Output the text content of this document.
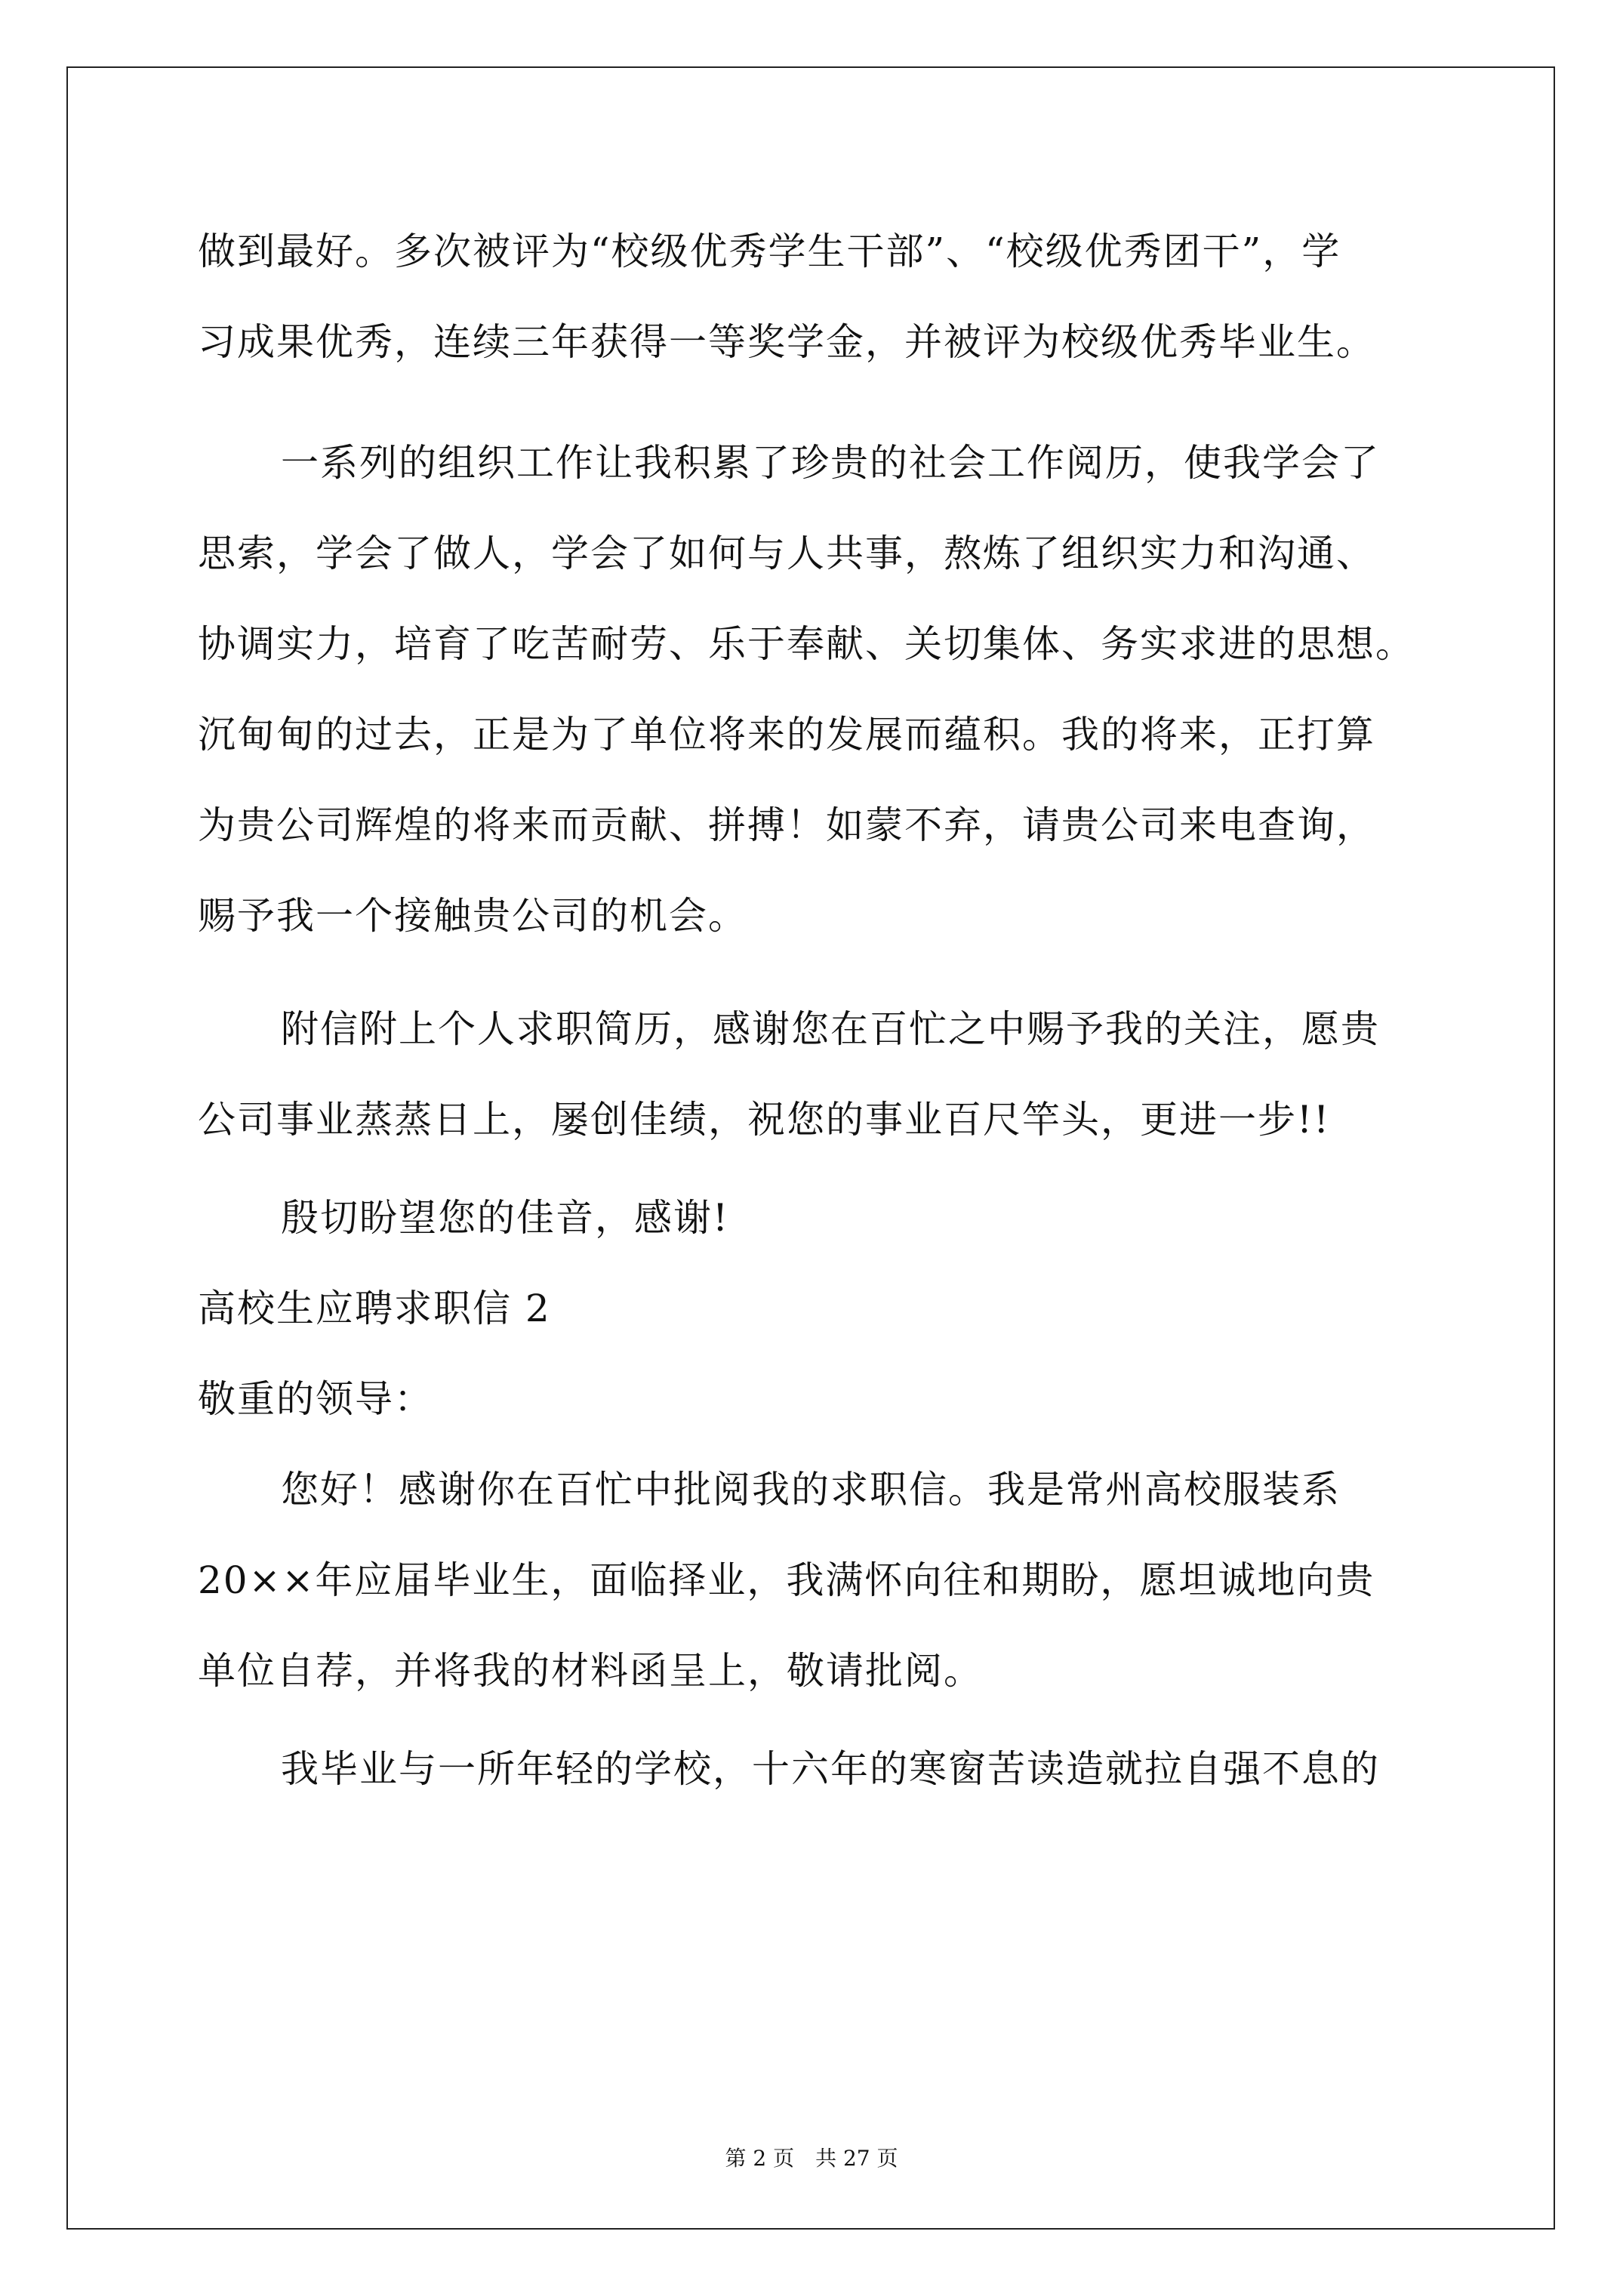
做到最好。多次被评为“校级优秀学生干部”、“校级优秀团干”，学
习成果优秀，连续三年获得一等奖学金，并被评为校级优秀毕业生。
一系列的组织工作让我积累了珍贵的社会工作阅历，使我学会了
思索，学会了做人，学会了如何与人共事，熬炼了组织实力和沟通、
协调实力，培育了吃苦耐劳、乐于奉献、关切集体、务实求进的思想。
沉甸甸的过去，正是为了单位将来的发展而蕴积。我的将来，正打算
为贵公司辉煌的将来而贡献、拼搏！如蒙不弃，请贵公司来电查询，
赐予我一个接触贵公司的机会。
附信附上个人求职简历，感谢您在百忙之中赐予我的关注，愿贵
公司事业蒸蒸日上，屡创佳绩，祝您的事业百尺竿头，更进一步!!
殷切盼望您的佳音，感谢!
高校生应聘求职信 2
敬重的领导：
您好！感谢你在百忙中批阅我的求职信。我是常州高校服装系
20××年应届毕业生，面临择业，我满怀向往和期盼，愿坦诚地向贵
单位自荐，并将我的材料函呈上，敬请批阅。
我毕业与一所年轻的学校，十六年的寒窗苦读造就拉自强不息的
第 2 页　共 27 页
